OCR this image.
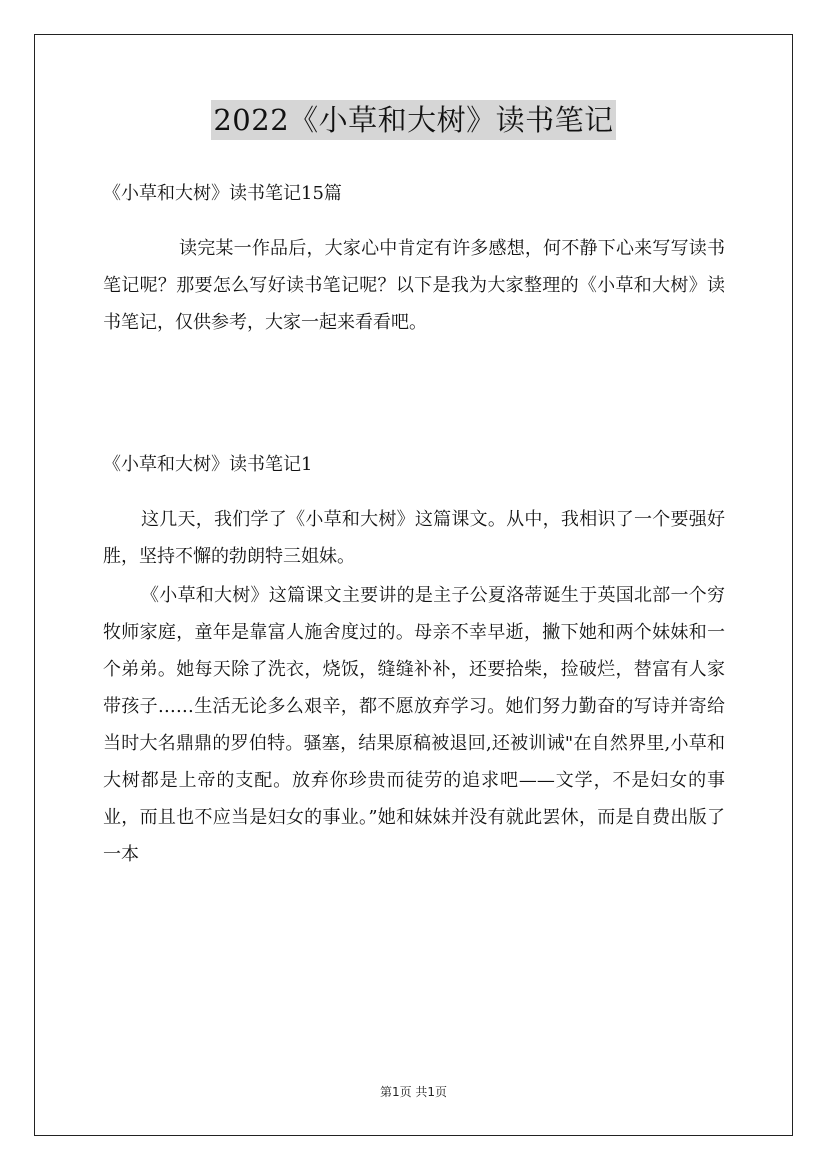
2022《小草和大树》读书笔记
《小草和大树》读书笔记15篇

读完某一作品后，大家心中肯定有许多感想，何不静下心来写写读书笔记呢？那要怎么写好读书笔记呢？以下是我为大家整理的《小草和大树》读书笔记，仅供参考，大家一起来看看吧。

《小草和大树》读书笔记1

这几天，我们学了《小草和大树》这篇课文。从中，我相识了一个要强好胜，坚持不懈的勃朗特三姐妹。

《小草和大树》这篇课文主要讲的是主子公夏洛蒂诞生于英国北部一个穷牧师家庭，童年是靠富人施舍度过的。母亲不幸早逝，撇下她和两个妹妹和一个弟弟。她每天除了洗衣，烧饭，缝缝补补，还要拾柴，捡破烂，替富有人家带孩子……生活无论多么艰辛，都不愿放弃学习。她们努力勤奋的写诗并寄给当时大名鼎鼎的罗伯特。骚塞，结果原稿被退回,还被训诫"在自然界里,小草和大树都是上帝的支配。放弃你珍贵而徒劳的追求吧——文学，不是妇女的事业，而且也不应当是妇女的事业。”她和妹妹并没有就此罢休，而是自费出版了一本

第1页 共1页
